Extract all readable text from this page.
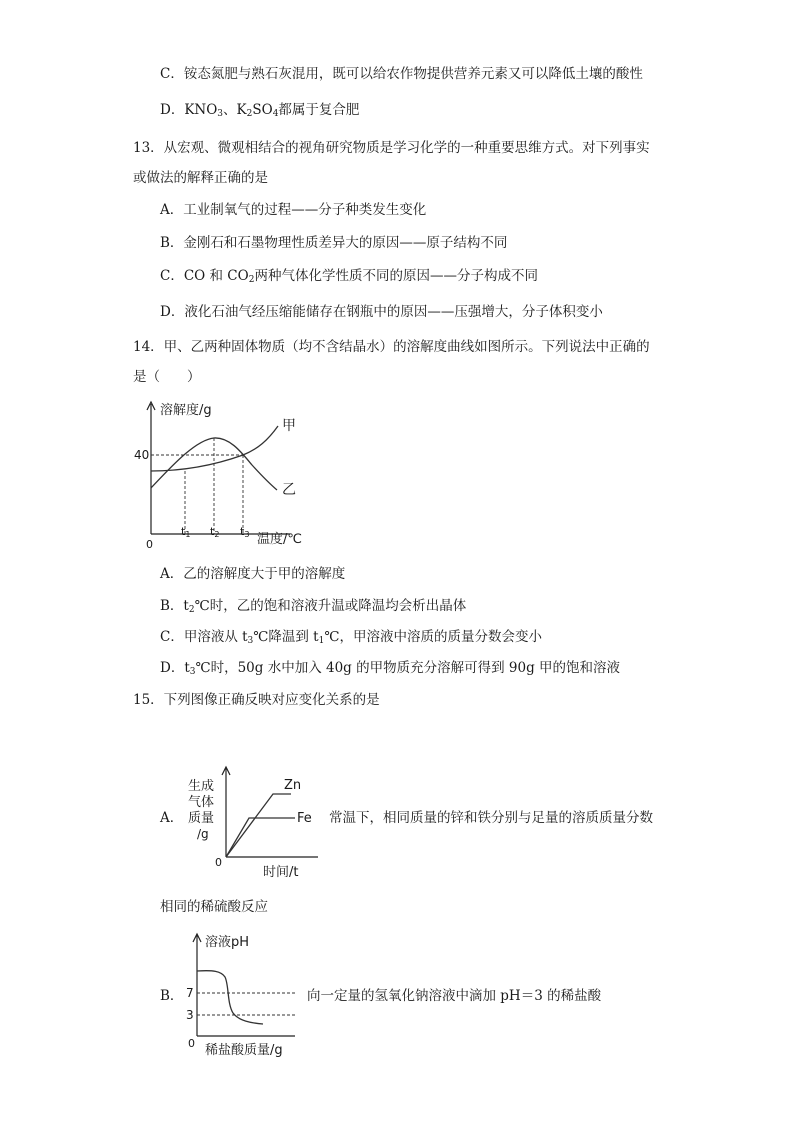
C．铵态氮肥与熟石灰混用，既可以给农作物提供营养元素又可以降低土壤的酸性
D．$KNO_3$、$K_2SO_4$都属于复合肥
13．从宏观、微观相结合的视角研究物质是学习化学的一种重要思维方式。对下列事实
或做法的解释正确的是
A．工业制氧气的过程——分子种类发生变化
B．金刚石和石墨物理性质差异大的原因——原子结构不同
C．CO 和 $CO_2$两种气体化学性质不同的原因——分子构成不同
D．液化石油气经压缩能储存在钢瓶中的原因——压强增大，分子体积变小
14．甲、乙两种固体物质（均不含结晶水）的溶解度曲线如图所示。下列说法中正确的
是（　　）
溶解度/g
40
0
t1 t2 t3 温度/℃
甲
乙
A．乙的溶解度大于甲的溶解度
B．$t_2℃$时，乙的饱和溶液升温或降温均会析出晶体
C．甲溶液从 $t_3℃$降温到 $t_1℃$，甲溶液中溶质的质量分数会变小
D．$t_3℃$时，50g 水中加入 40g 的甲物质充分溶解可得到 90g 甲的饱和溶液
15．下列图像正确反映对应变化关系的是
A．
生成
气体
质量
/g
0
时间/t
Zn
Fe 常温下，相同质量的锌和铁分别与足量的溶质质量分数
相同的稀硫酸反应
B．
溶液pH
7
3
0 稀盐酸质量/g
向一定量的氢氧化钠溶液中滴加 pH＝3 的稀盐酸
